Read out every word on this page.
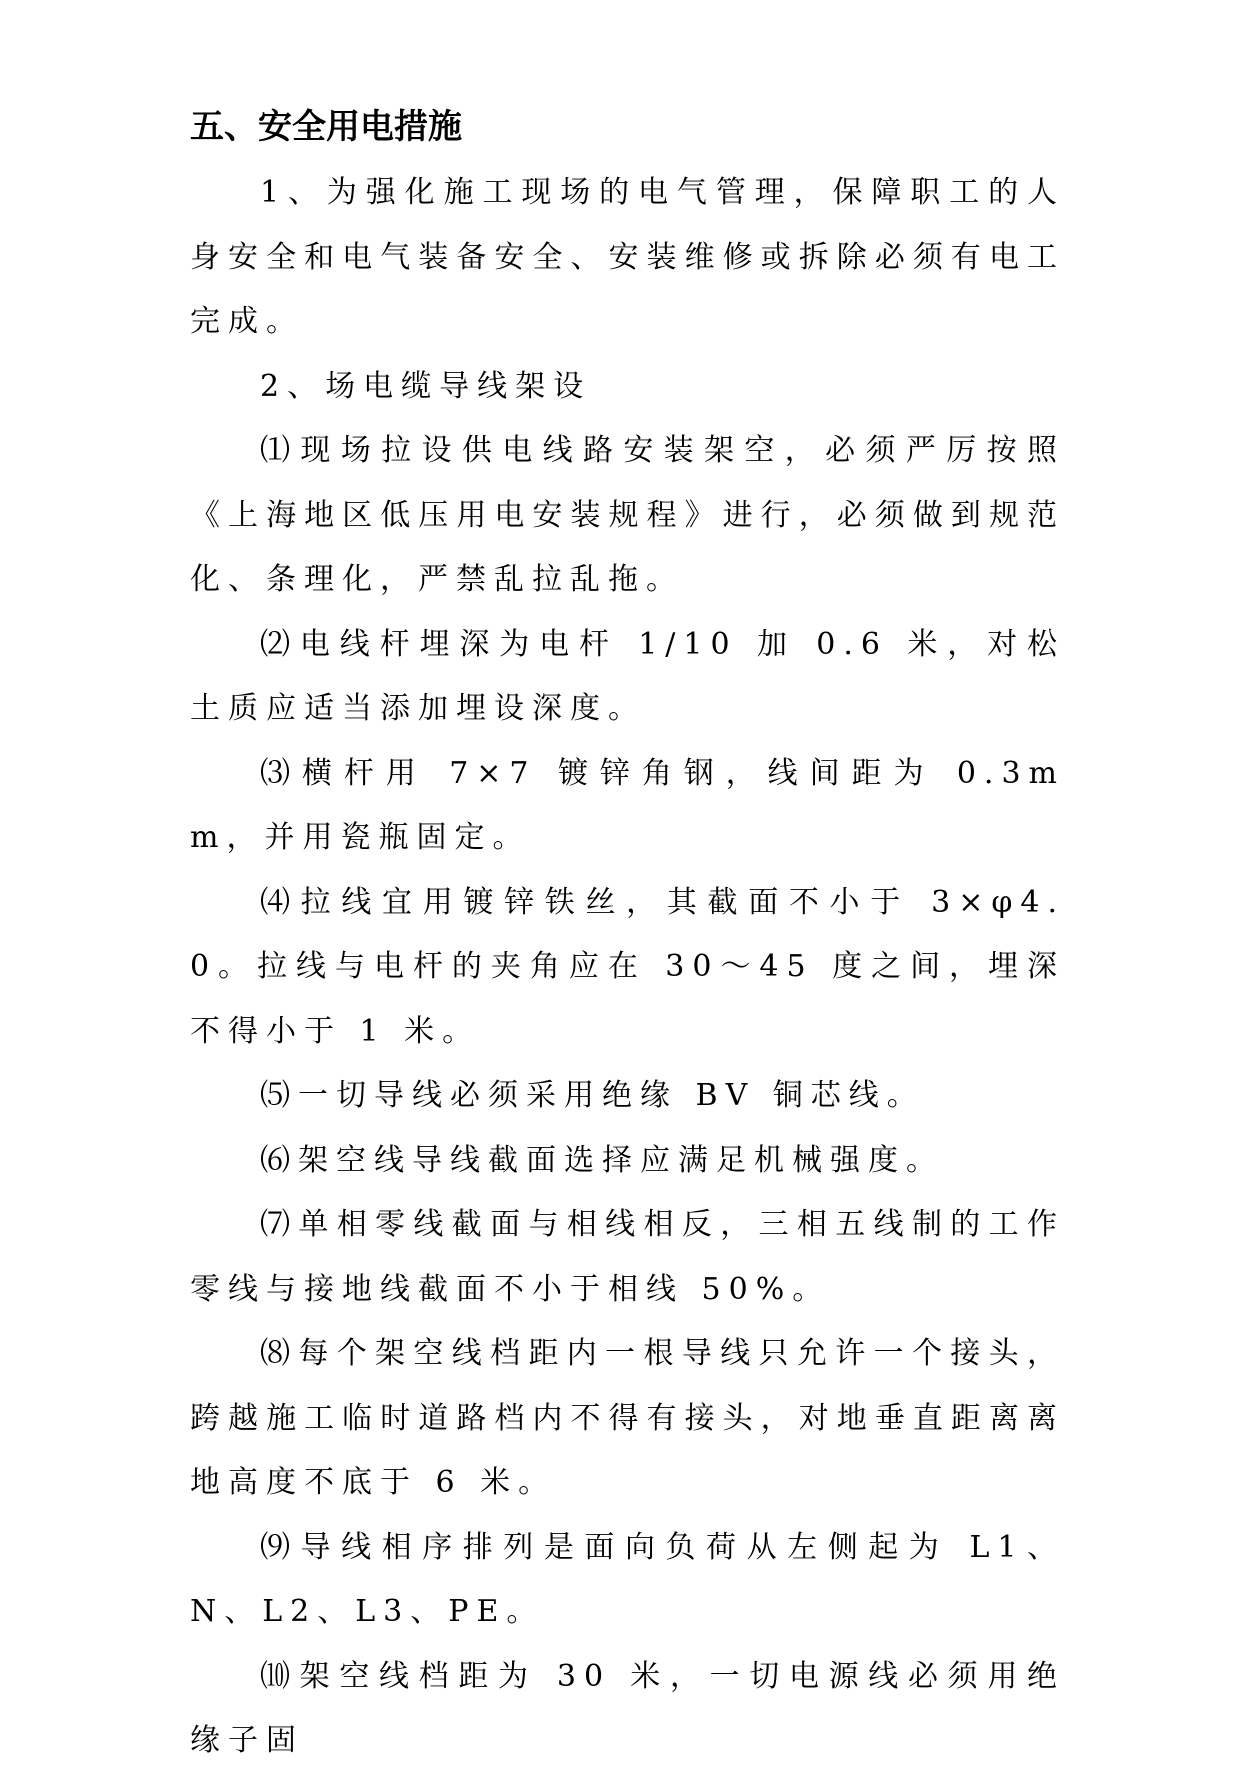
五、安全用电措施

1、为强化施工现场的电气管理，保障职工的人身安全和电气装备安全、安装维修或拆除必须有电工完成。

2、场电缆导线架设

⑴现场拉设供电线路安装架空，必须严厉按照《上海地区低压用电安装规程》进行，必须做到规范化、条理化，严禁乱拉乱拖。

⑵电线杆埋深为电杆 1/10 加 0.6 米，对松土质应适当添加埋设深度。

⑶横杆用 7×7 镀锌角钢，线间距为 0.3mm，并用瓷瓶固定。

⑷拉线宜用镀锌铁丝，其截面不小于 3×φ4.0。拉线与电杆的夹角应在 30～45 度之间，埋深不得小于 1 米。

⑸一切导线必须采用绝缘 BV 铜芯线。

⑹架空线导线截面选择应满足机械强度。

⑺单相零线截面与相线相反，三相五线制的工作零线与接地线截面不小于相线 50%。

⑻每个架空线档距内一根导线只允许一个接头，跨越施工临时道路档内不得有接头，对地垂直距离离地高度不底于 6 米。

⑼导线相序排列是面向负荷从左侧起为 L1、N、L2、L3、PE。

⑽架空线档距为 30 米，一切电源线必须用绝缘子固
